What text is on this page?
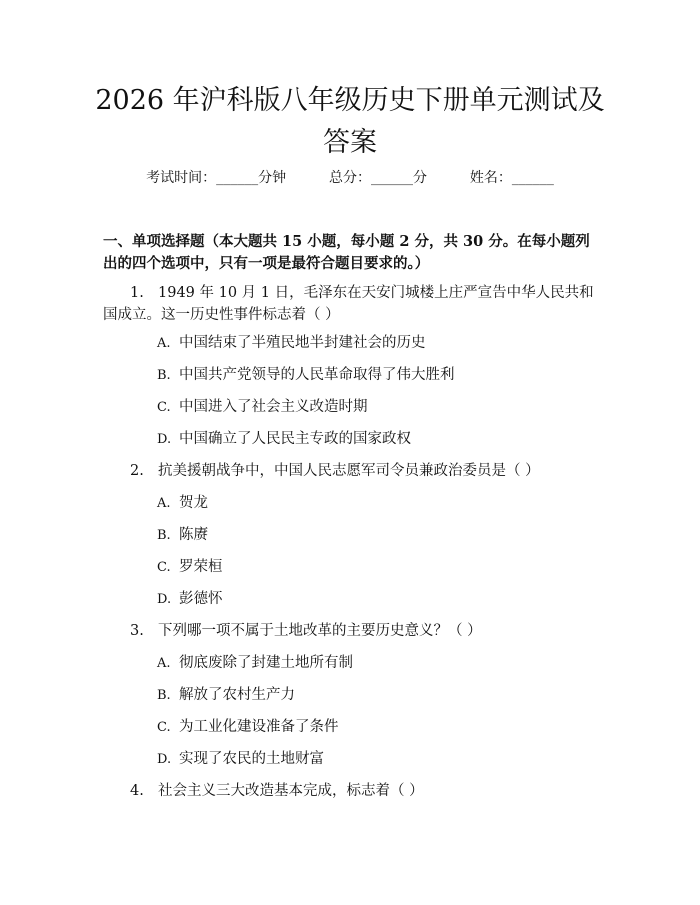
2026 年沪科版八年级历史下册单元测试及答案
考试时间：______分钟	总分：______分	姓名：______

一、单项选择题（本大题共 15 小题，每小题 2 分，共 30 分。在每小题列出的四个选项中，只有一项是最符合题目要求的。）

1. 1949 年 10 月 1 日，毛泽东在天安门城楼上庄严宣告中华人民共和国成立。这一历史性事件标志着（ ）
A. 中国结束了半殖民地半封建社会的历史
B. 中国共产党领导的人民革命取得了伟大胜利
C. 中国进入了社会主义改造时期
D. 中国确立了人民民主专政的国家政权
2. 抗美援朝战争中，中国人民志愿军司令员兼政治委员是（ ）
A. 贺龙
B. 陈赓
C. 罗荣桓
D. 彭德怀
3. 下列哪一项不属于土地改革的主要历史意义？（ ）
A. 彻底废除了封建土地所有制
B. 解放了农村生产力
C. 为工业化建设准备了条件
D. 实现了农民的土地财富
4. 社会主义三大改造基本完成，标志着（ ）
